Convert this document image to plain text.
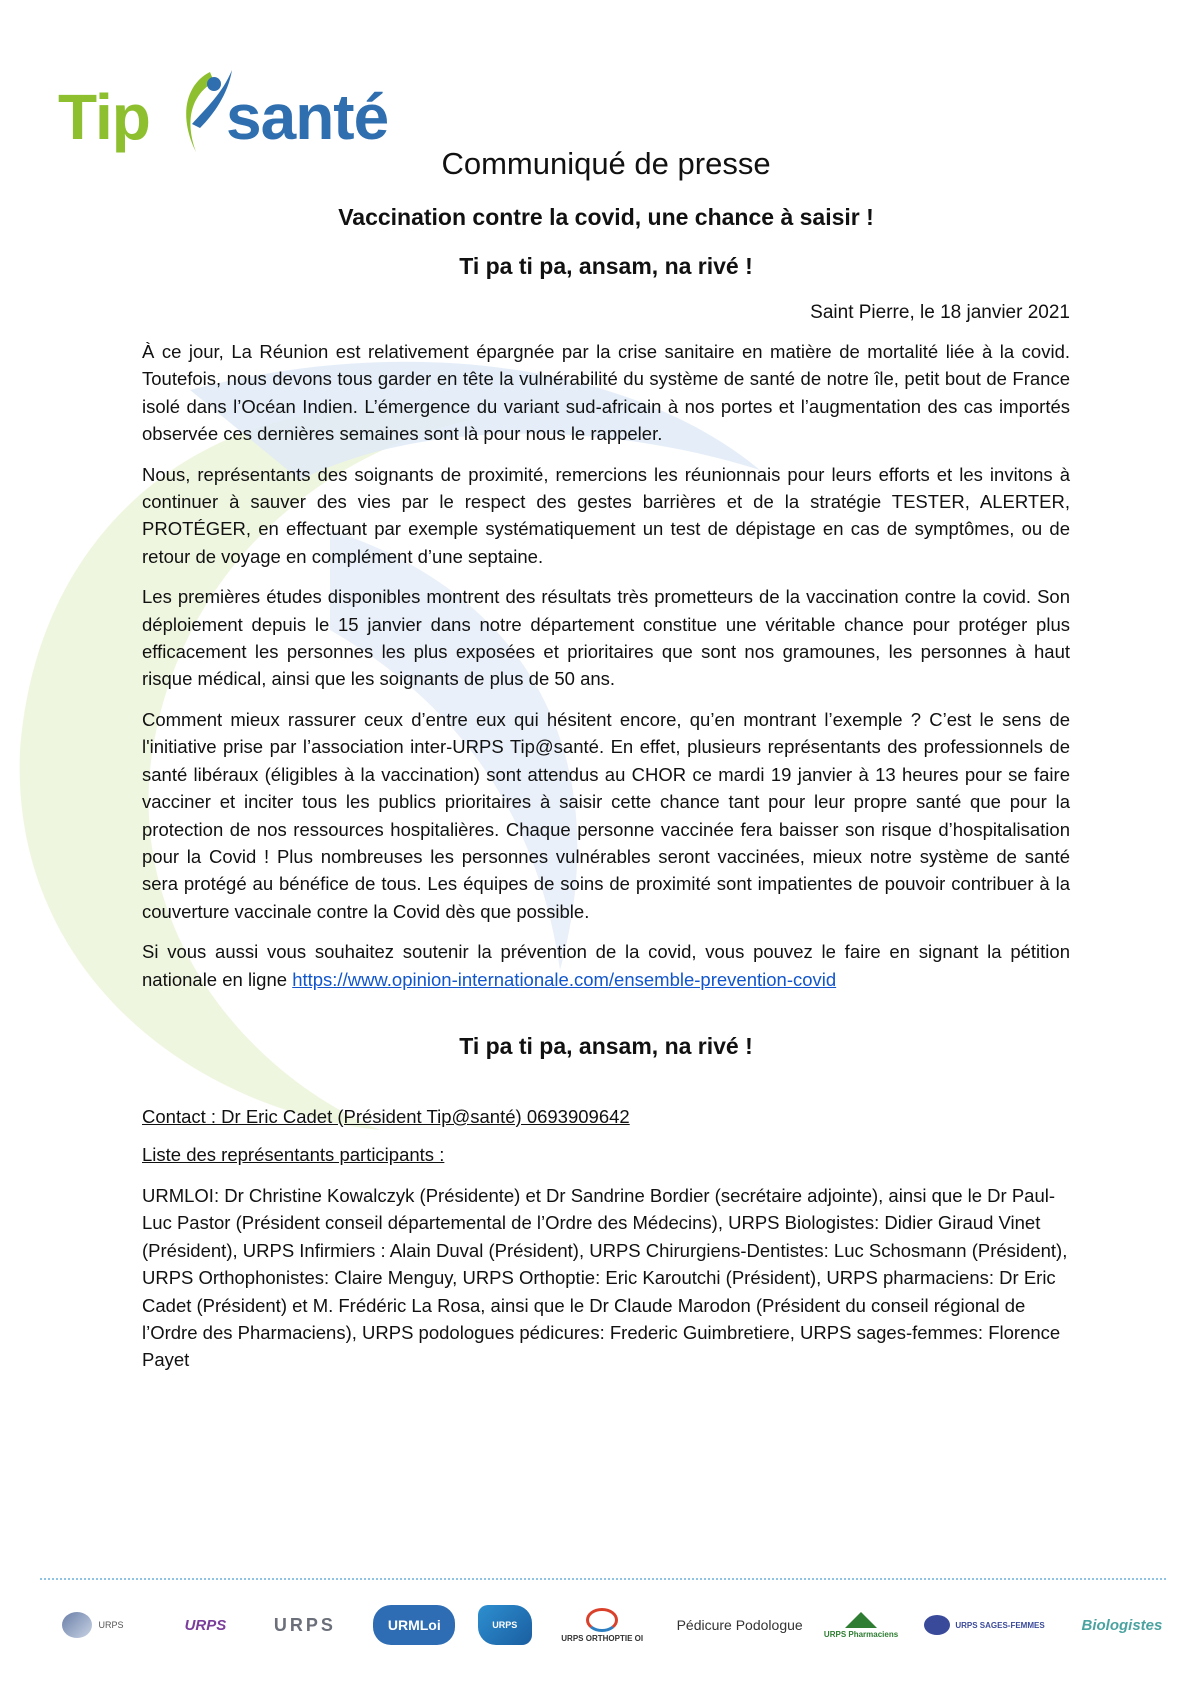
Tip santé
Communiqué de presse
Vaccination contre la covid, une chance à saisir !
Ti pa ti pa, ansam, na rivé !
Saint Pierre, le 18 janvier 2021

À ce jour, La Réunion est relativement épargnée par la crise sanitaire en matière de mortalité liée à la covid. Toutefois, nous devons tous garder en tête la vulnérabilité du système de santé de notre île, petit bout de France isolé dans l’Océan Indien. L’émergence du variant sud-africain à nos portes et l’augmentation des cas importés observée ces dernières semaines sont là pour nous le rappeler.

Nous, représentants des soignants de proximité, remercions les réunionnais pour leurs efforts et les invitons à continuer à sauver des vies par le respect des gestes barrières et de la stratégie TESTER, ALERTER, PROTÉGER, en effectuant par exemple systématiquement un test de dépistage en cas de symptômes, ou de retour de voyage en complément d’une septaine.

Les premières études disponibles montrent des résultats très prometteurs de la vaccination contre la covid. Son déploiement depuis le 15 janvier dans notre département constitue une véritable chance pour protéger plus efficacement les personnes les plus exposées et prioritaires que sont nos gramounes, les personnes à haut risque médical, ainsi que les soignants de plus de 50 ans.

Comment mieux rassurer ceux d’entre eux qui hésitent encore, qu’en montrant l’exemple ? C’est le sens de l'initiative prise par l’association inter-URPS Tip@santé. En effet, plusieurs représentants des professionnels de santé libéraux (éligibles à la vaccination) sont attendus au CHOR ce mardi 19 janvier à 13 heures pour se faire vacciner et inciter tous les publics prioritaires à saisir cette chance tant pour leur propre santé que pour la protection de nos ressources hospitalières. Chaque personne vaccinée fera baisser son risque d’hospitalisation pour la Covid ! Plus nombreuses les personnes vulnérables seront vaccinées, mieux notre système de santé sera protégé au bénéfice de tous. Les équipes de soins de proximité sont impatientes de pouvoir contribuer à la couverture vaccinale contre la Covid dès que possible.

Si vous aussi vous souhaitez soutenir la prévention de la covid, vous pouvez le faire en signant la pétition nationale en ligne https://www.opinion-internationale.com/ensemble-prevention-covid

Ti pa ti pa, ansam, na rivé !
Contact : Dr Eric Cadet (Président Tip@santé) 0693909642
Liste des représentants participants :

URMLOI: Dr Christine Kowalczyk (Présidente) et Dr Sandrine Bordier (secrétaire adjointe), ainsi que le Dr Paul-Luc Pastor (Président conseil départemental de l’Ordre des Médecins), URPS Biologistes: Didier Giraud Vinet (Président), URPS Infirmiers : Alain Duval (Président), URPS Chirurgiens-Dentistes: Luc Schosmann (Président), URPS Orthophonistes: Claire Menguy, URPS Orthoptie: Eric Karoutchi (Président), URPS pharmaciens: Dr Eric Cadet (Président) et M. Frédéric La Rosa, ainsi que le Dr Claude Marodon (Président du conseil régional de l’Ordre des Pharmaciens), URPS podologues pédicures: Frederic Guimbretiere, URPS sages-femmes: Florence Payet

URPS	URPS	URPS	URMLoi	URPS
URPS ORTHOPTIE OI
Pédicure Podologue
URPS Pharmaciens
URPS SAGES-FEMMES	Biologistes
